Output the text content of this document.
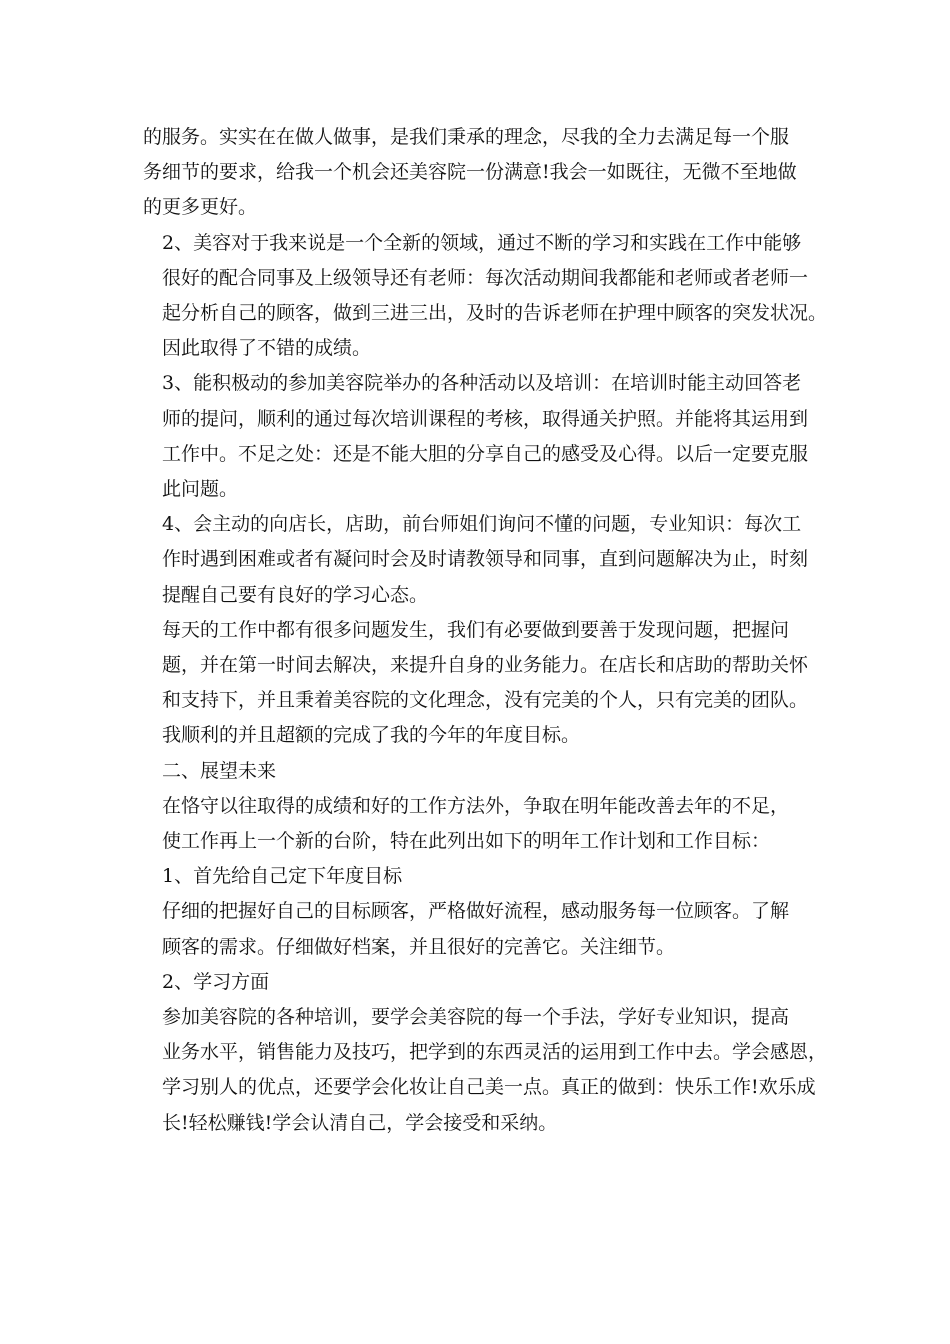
的服务。实实在在做人做事，是我们秉承的理念，尽我的全力去满足每一个服
务细节的要求，给我一个机会还美容院一份满意!我会一如既往，无微不至地做
的更多更好。
2、美容对于我来说是一个全新的领域，通过不断的学习和实践在工作中能够
很好的配合同事及上级领导还有老师：每次活动期间我都能和老师或者老师一
起分析自己的顾客，做到三进三出，及时的告诉老师在护理中顾客的突发状况。
因此取得了不错的成绩。
3、能积极动的参加美容院举办的各种活动以及培训：在培训时能主动回答老
师的提问，顺利的通过每次培训课程的考核，取得通关护照。并能将其运用到
工作中。不足之处：还是不能大胆的分享自己的感受及心得。以后一定要克服
此问题。
4、会主动的向店长，店助，前台师姐们询问不懂的问题，专业知识：每次工
作时遇到困难或者有凝问时会及时请教领导和同事，直到问题解决为止，时刻
提醒自己要有良好的学习心态。
每天的工作中都有很多问题发生，我们有必要做到要善于发现问题，把握问
题，并在第一时间去解决，来提升自身的业务能力。在店长和店助的帮助关怀
和支持下，并且秉着美容院的文化理念，没有完美的个人，只有完美的团队。
我顺利的并且超额的完成了我的今年的年度目标。
二、展望未来
在恪守以往取得的成绩和好的工作方法外，争取在明年能改善去年的不足，
使工作再上一个新的台阶，特在此列出如下的明年工作计划和工作目标：
1、首先给自己定下年度目标
仔细的把握好自己的目标顾客，严格做好流程，感动服务每一位顾客。了解
顾客的需求。仔细做好档案，并且很好的完善它。关注细节。
2、学习方面
参加美容院的各种培训，要学会美容院的每一个手法，学好专业知识，提高
业务水平，销售能力及技巧，把学到的东西灵活的运用到工作中去。学会感恩，
学习别人的优点，还要学会化妆让自己美一点。真正的做到：快乐工作!欢乐成
长!轻松赚钱!学会认清自己，学会接受和采纳。
